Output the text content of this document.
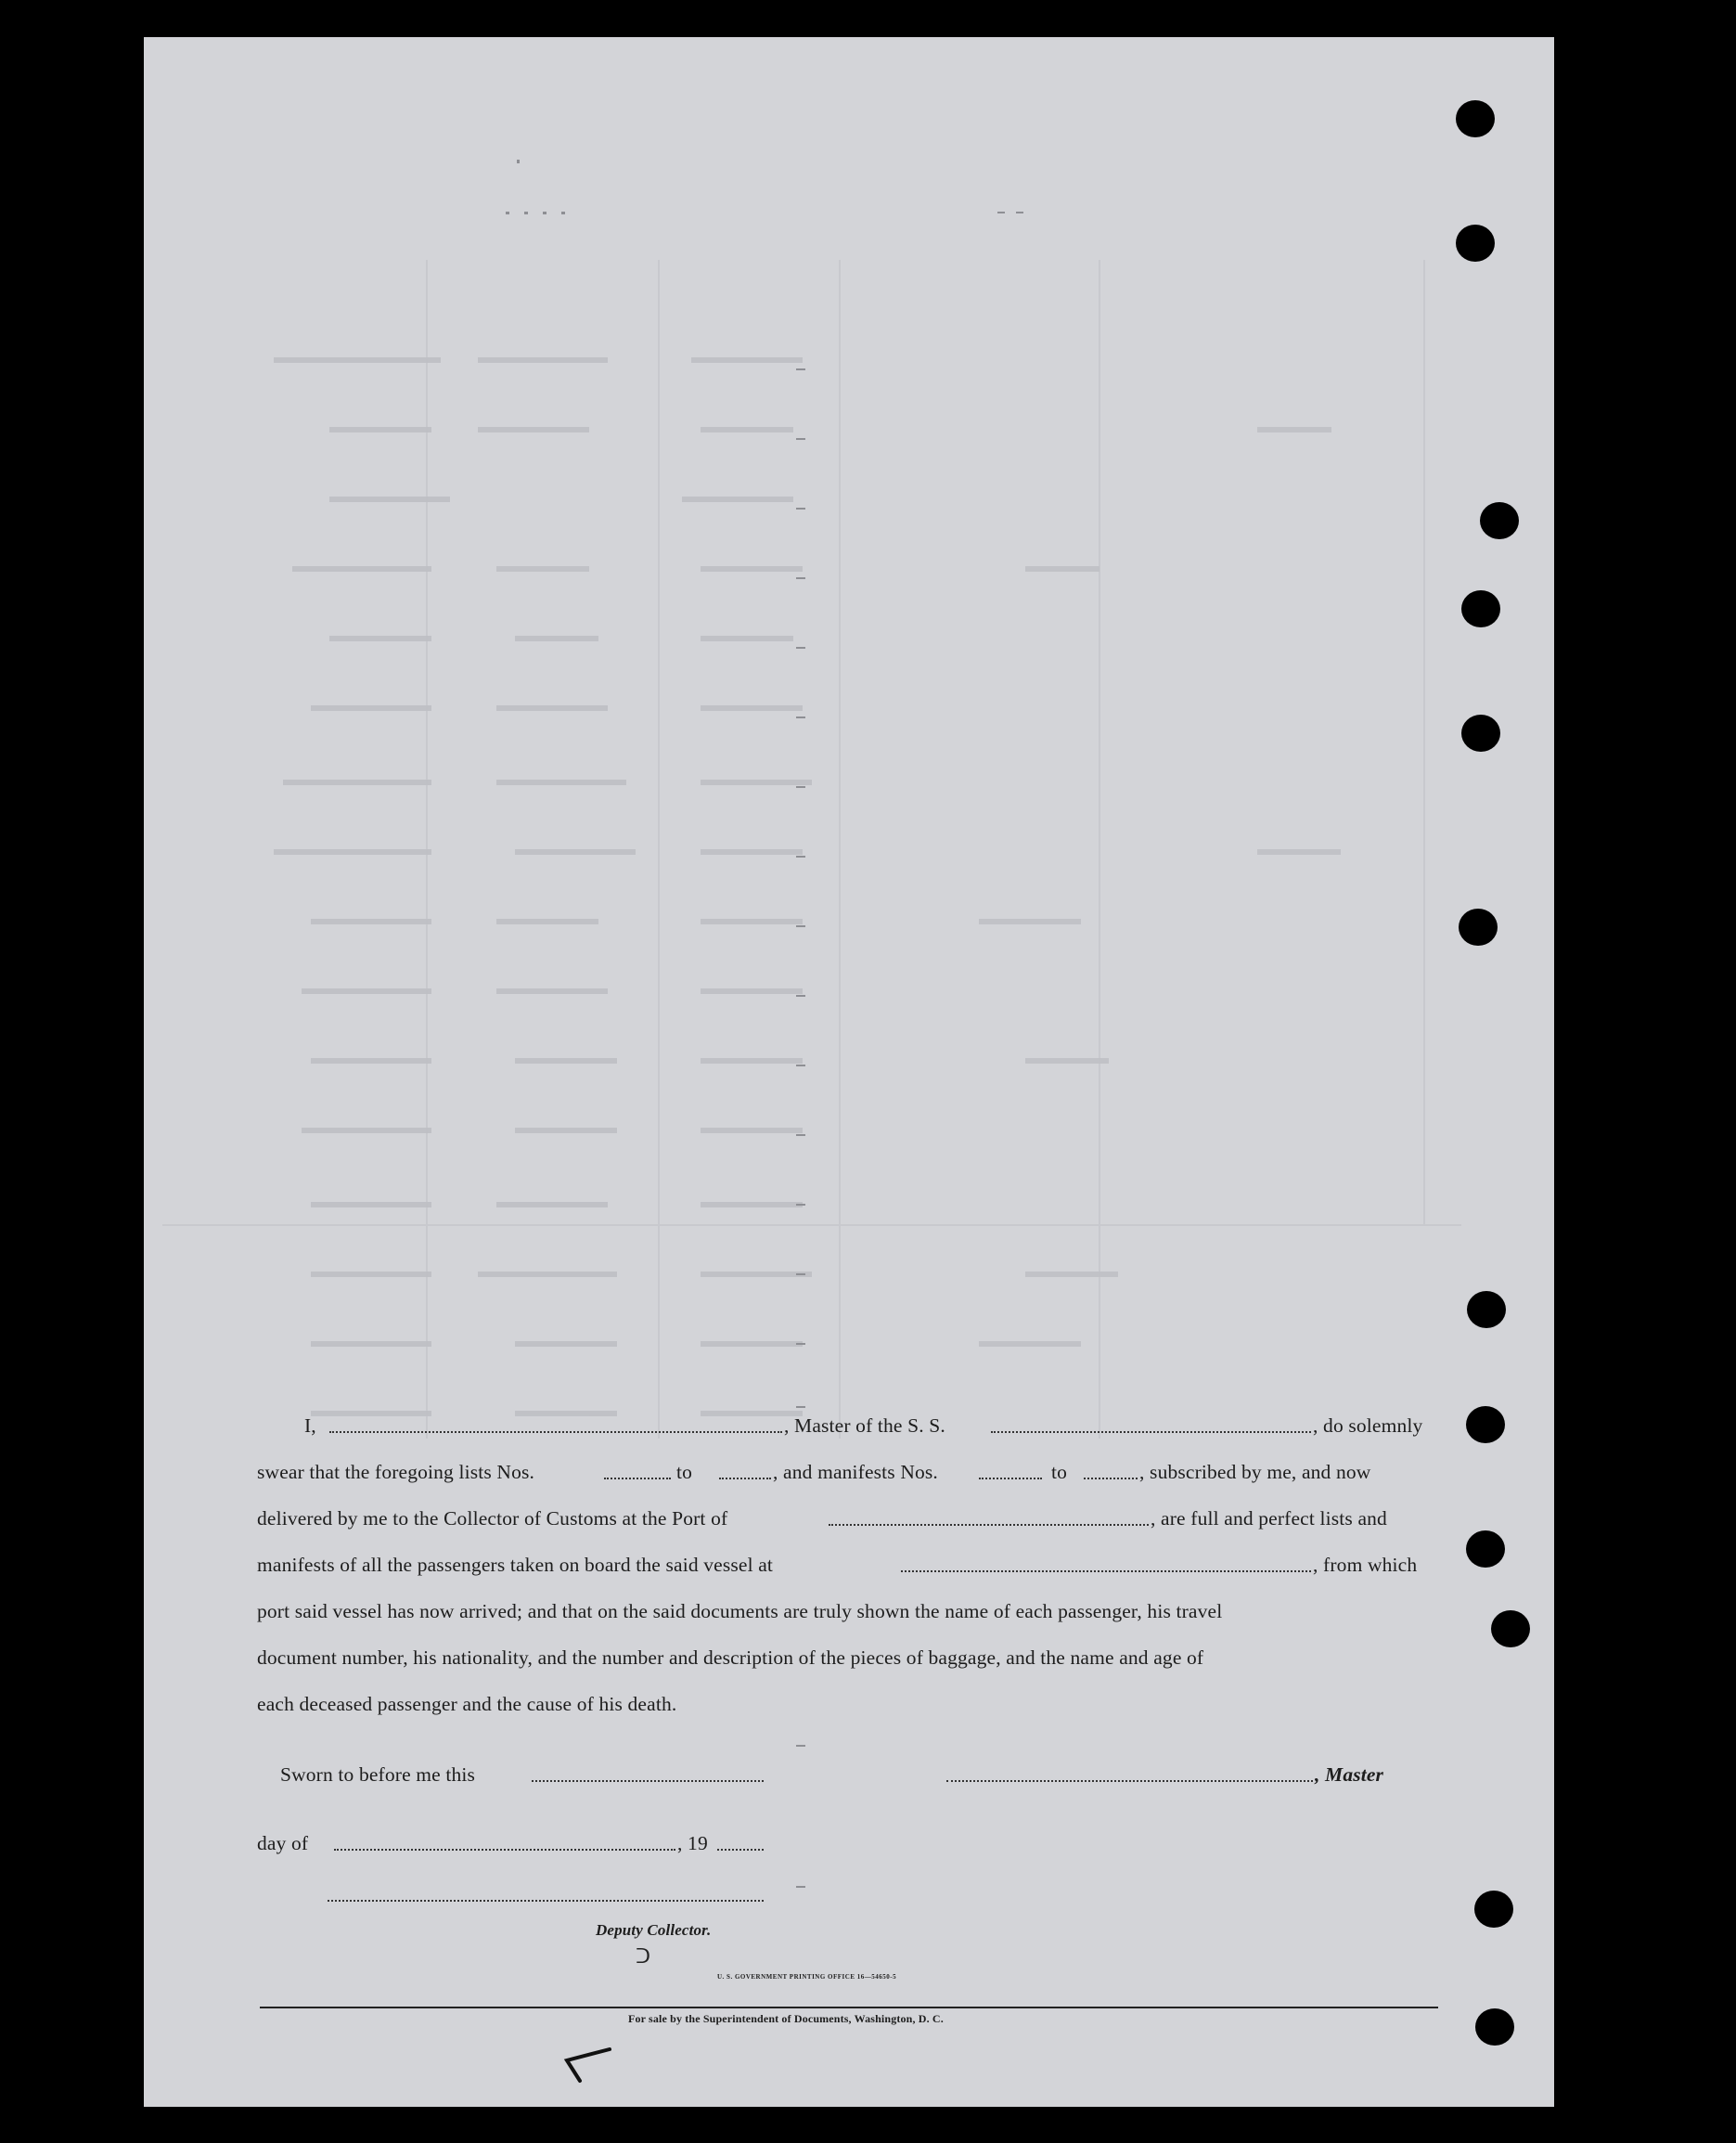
I,	, Master of the S. S.	, do solemnly
swear that the foregoing lists Nos.	to	, and manifests Nos.	to	, subscribed by me, and now
delivered by me to the Collector of Customs at the Port of	, are full and perfect lists and
manifests of all the passengers taken on board the said vessel at	, from which
port said vessel has now arrived; and that on the said documents are truly shown the name of each passenger, his travel
document number, his nationality, and the number and description of the pieces of baggage, and the name and age of
each deceased passenger and the cause of his death.
Sworn to before me this	, Master
day of	, 19
Deputy Collector.
ᑐ
U. S. GOVERNMENT PRINTING OFFICE 16—54650-5
For sale by the Superintendent of Documents, Washington, D. C.
